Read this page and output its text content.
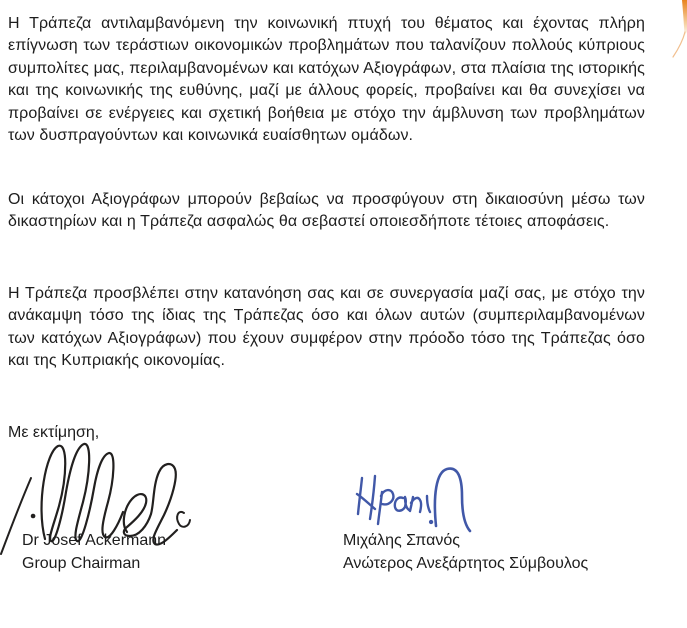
Η Τράπεζα αντιλαμβανόμενη την κοινωνική πτυχή του θέματος και έχοντας πλήρη επίγνωση των τεράστιων οικονομικών προβλημάτων που ταλανίζουν πολλούς κύπριους συμπολίτες μας, περιλαμβανομένων και κατόχων Αξιογράφων, στα πλαίσια της ιστορικής και της κοινωνικής της ευθύνης, μαζί με άλλους φορείς, προβαίνει και θα συνεχίσει να προβαίνει σε ενέργειες και σχετική βοήθεια με στόχο την άμβλυνση των προβλημάτων των δυσπραγούντων και κοινωνικά ευαίσθητων ομάδων.

Οι κάτοχοι Αξιογράφων μπορούν βεβαίως να προσφύγουν στη δικαιοσύνη μέσω των δικαστηρίων και η Τράπεζα ασφαλώς θα σεβαστεί οποιεσδήποτε τέτοιες αποφάσεις.

Η Τράπεζα προσβλέπει στην κατανόηση σας και σε συνεργασία μαζί σας, με στόχο την ανάκαμψη τόσο της ίδιας της Τράπεζας όσο και όλων αυτών (συμπεριλαμβανομένων των κατόχων Αξιογράφων) που έχουν συμφέρον στην πρόοδο τόσο της Τράπεζας όσο και της Κυπριακής οικονομίας.

Με εκτίμηση,

Dr Josef Ackermann
Group Chairman
Μιχάλης Σπανός
Ανώτερος Ανεξάρτητος Σύμβουλος
